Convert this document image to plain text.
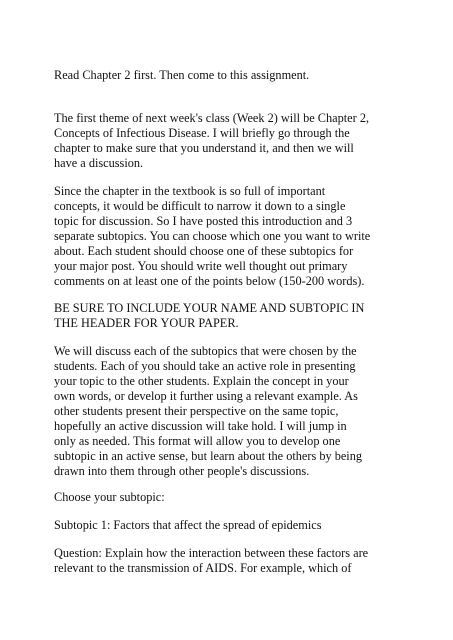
Read Chapter 2 first. Then come to this assignment.

The first theme of next week's class (Week 2) will be Chapter 2,

Concepts of Infectious Disease. I will briefly go through the

chapter to make sure that you understand it, and then we will

have a discussion.

Since the chapter in the textbook is so full of important

concepts, it would be difficult to narrow it down to a single

topic for discussion. So I have posted this introduction and 3

separate subtopics. You can choose which one you want to write

about. Each student should choose one of these subtopics for

your major post. You should write well thought out primary

comments on at least one of the points below (150-200 words).

BE SURE TO INCLUDE YOUR NAME AND SUBTOPIC IN

THE HEADER FOR YOUR PAPER.

We will discuss each of the subtopics that were chosen by the

students. Each of you should take an active role in presenting

your topic to the other students. Explain the concept in your

own words, or develop it further using a relevant example. As

other students present their perspective on the same topic,

hopefully an active discussion will take hold. I will jump in

only as needed. This format will allow you to develop one

subtopic in an active sense, but learn about the others by being

drawn into them through other people's discussions.

Choose your subtopic:

Subtopic 1: Factors that affect the spread of epidemics

Question: Explain how the interaction between these factors are

relevant to the transmission of AIDS. For example, which of
